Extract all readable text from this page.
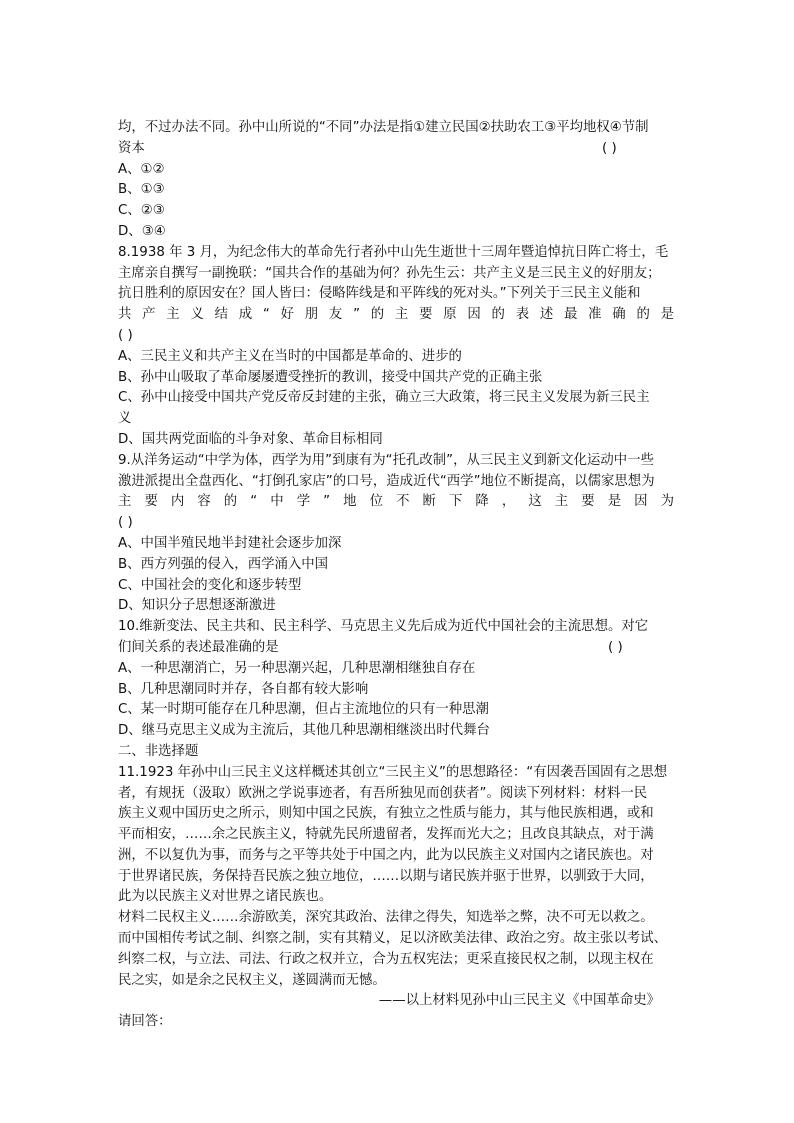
均，不过办法不同。孙中山所说的“不同”办法是指①建立民国②扶助农工③平均地权④节制
资本	( )
A、①②
B、①③
C、②③
D、③④
8.1938 年 3 月，为纪念伟大的革命先行者孙中山先生逝世十三周年暨追悼抗日阵亡将士，毛
主席亲自撰写一副挽联：“国共合作的基础为何？孙先生云：共产主义是三民主义的好朋友；
抗日胜利的原因安在？国人皆曰：侵略阵线是和平阵线的死对头。”下列关于三民主义能和
共产主义结成“好朋友”的主要原因的表述最准确的是
( )
A、三民主义和共产主义在当时的中国都是革命的、进步的
B、孙中山吸取了革命屡屡遭受挫折的教训，接受中国共产党的正确主张
C、孙中山接受中国共产党反帝反封建的主张，确立三大政策，将三民主义发展为新三民主
义
D、国共两党面临的斗争对象、革命目标相同
9.从洋务运动“中学为体，西学为用”到康有为“托孔改制”，从三民主义到新文化运动中一些
激进派提出全盘西化、“打倒孔家店”的口号，造成近代“西学”地位不断提高，以儒家思想为
主要内容的“中学”地位不断下降，这主要是因为
( )
A、中国半殖民地半封建社会逐步加深
B、西方列强的侵入，西学涌入中国
C、中国社会的变化和逐步转型
D、知识分子思想逐渐激进
10.维新变法、民主共和、民主科学、马克思主义先后成为近代中国社会的主流思想。对它
们间关系的表述最准确的是	( )
A、一种思潮消亡，另一种思潮兴起，几种思潮相继独自存在
B、几种思潮同时并存，各自都有较大影响
C、某一时期可能存在几种思潮，但占主流地位的只有一种思潮
D、继马克思主义成为主流后，其他几种思潮相继淡出时代舞台
二、非选择题
11.1923 年孙中山三民主义这样概述其创立“三民主义”的思想路径：“有因袭吾国固有之思想
者，有规抚（汲取）欧洲之学说事迹者，有吾所独见而创获者”。阅读下列材料：材料一民
族主义观中国历史之所示，则知中国之民族，有独立之性质与能力，其与他民族相遇，或和
平而相安，……余之民族主义，特就先民所遗留者，发挥而光大之；且改良其缺点，对于满
洲，不以复仇为事，而务与之平等共处于中国之内，此为以民族主义对国内之诸民族也。对
于世界诸民族，务保持吾民族之独立地位，……以期与诸民族并驱于世界，以驯致于大同，
此为以民族主义对世界之诸民族也。
材料二民权主义……余游欧美，深究其政治、法律之得失，知选举之弊，决不可无以救之。
而中国相传考试之制、纠察之制，实有其精义，足以济欧美法律、政治之穷。故主张以考试、
纠察二权，与立法、司法、行政之权并立，合为五权宪法；更采直接民权之制，以现主权在
民之实，如是余之民权主义，遂圆满而无憾。
——以上材料见孙中山三民主义《中国革命史》
请回答：
